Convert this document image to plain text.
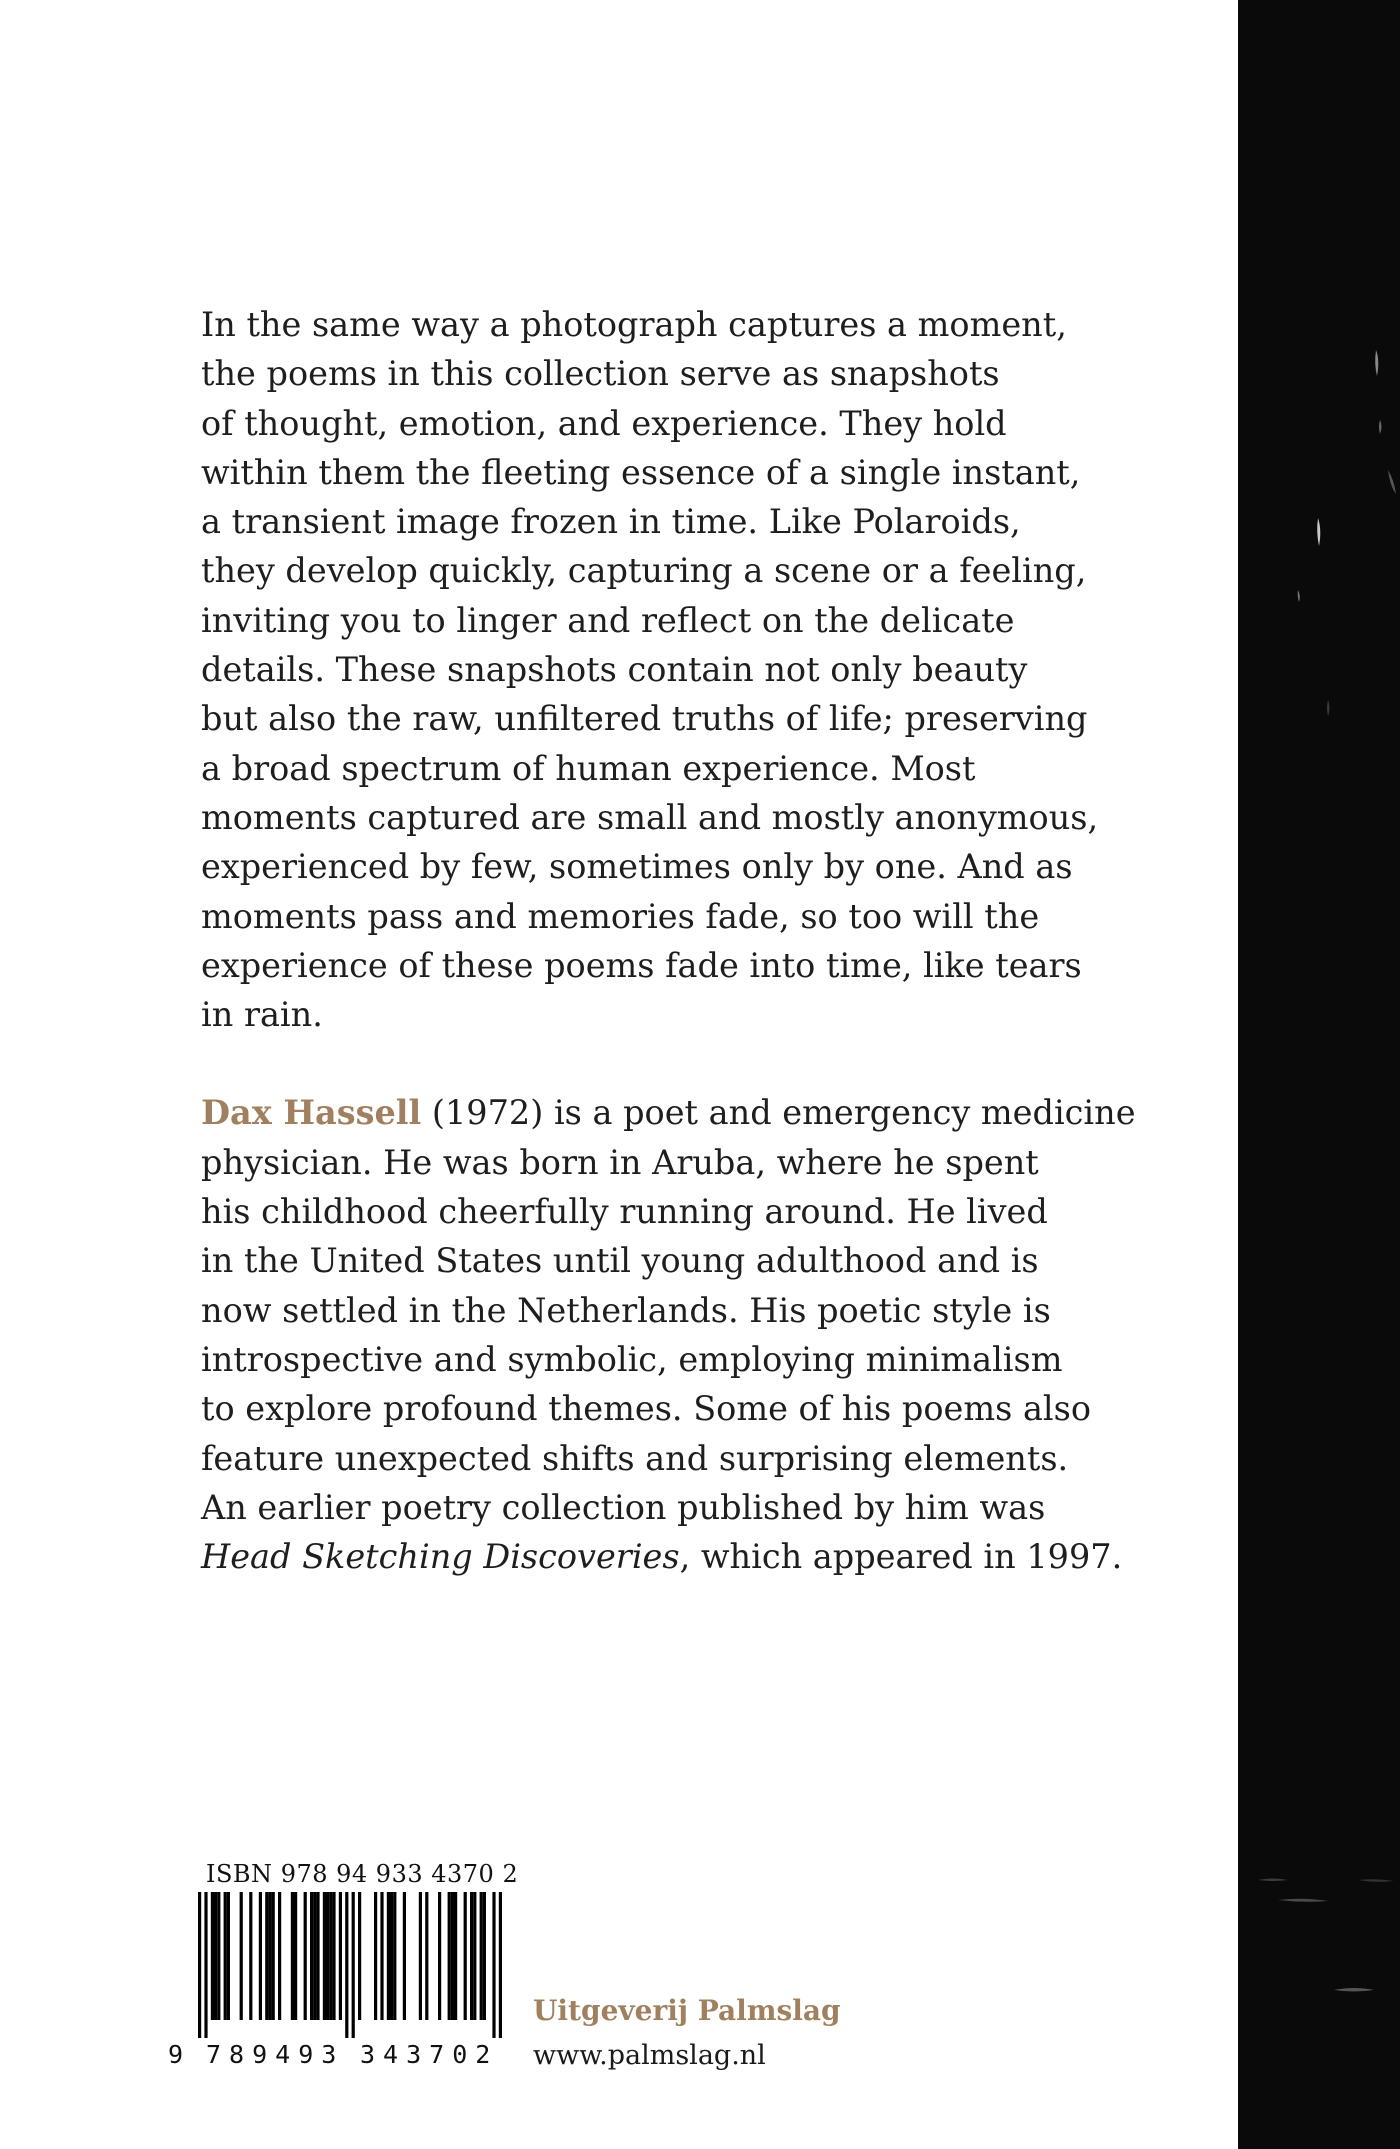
In the same way a photograph captures a moment,
the poems in this collection serve as snapshots
of thought, emotion, and experience. They hold
within them the fleeting essence of a single instant,
a transient image frozen in time. Like Polaroids,
they develop quickly, capturing a scene or a feeling,
inviting you to linger and reflect on the delicate
details. These snapshots contain not only beauty
but also the raw, unfiltered truths of life; preserving
a broad spectrum of human experience. Most
moments captured are small and mostly anonymous,
experienced by few, sometimes only by one. And as
moments pass and memories fade, so too will the
experience of these poems fade into time, like tears
in rain.

Dax Hassell (1972) is a poet and emergency medicine
physician. He was born in Aruba, where he spent
his childhood cheerfully running around. He lived
in the United States until young adulthood and is
now settled in the Netherlands. His poetic style is
introspective and symbolic, employing minimalism
to explore profound themes. Some of his poems also
feature unexpected shifts and surprising elements.
An earlier poetry collection published by him was
Head Sketching Discoveries, which appeared in 1997.

ISBN 978 94 933 4370 2
9 789493 343702
Uitgeverij Palmslag
www.palmslag.nl
